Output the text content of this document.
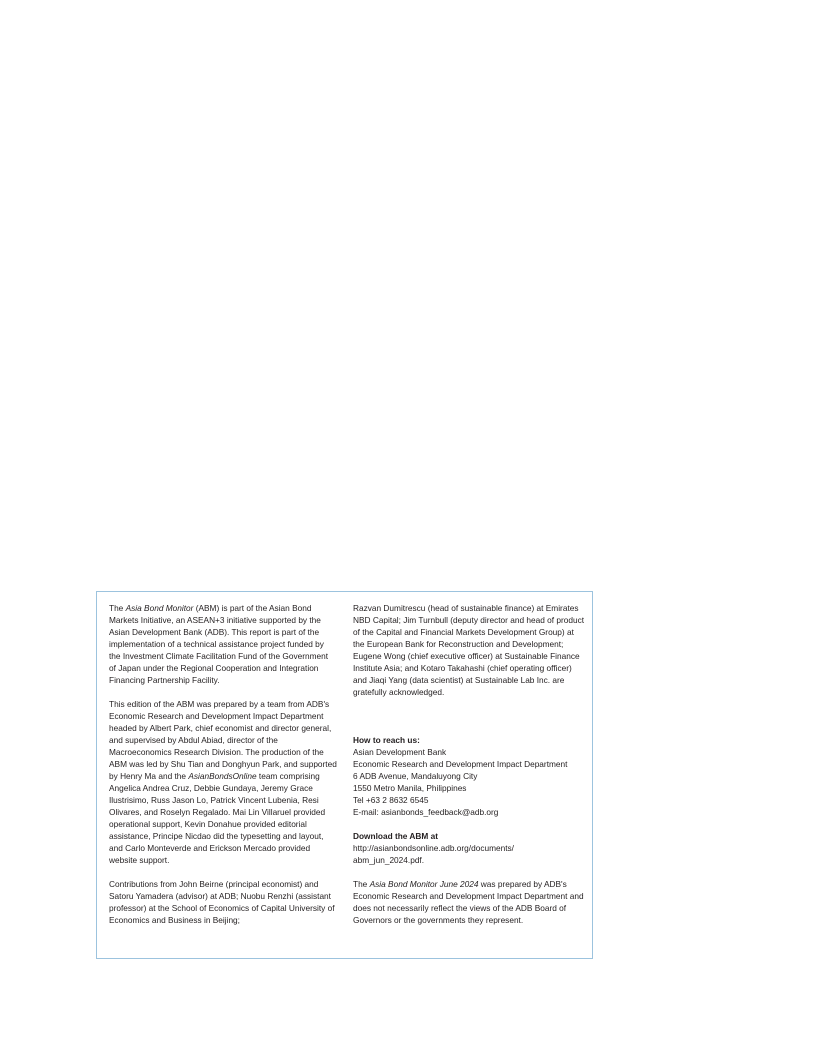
The Asia Bond Monitor (ABM) is part of the Asian Bond Markets Initiative, an ASEAN+3 initiative supported by the Asian Development Bank (ADB). This report is part of the implementation of a technical assistance project funded by the Investment Climate Facilitation Fund of the Government of Japan under the Regional Cooperation and Integration Financing Partnership Facility.

This edition of the ABM was prepared by a team from ADB's Economic Research and Development Impact Department headed by Albert Park, chief economist and director general, and supervised by Abdul Abiad, director of the Macroeconomics Research Division. The production of the ABM was led by Shu Tian and Donghyun Park, and supported by Henry Ma and the AsianBondsOnline team comprising Angelica Andrea Cruz, Debbie Gundaya, Jeremy Grace Ilustrisimo, Russ Jason Lo, Patrick Vincent Lubenia, Resi Olivares, and Roselyn Regalado. Mai Lin Villaruel provided operational support, Kevin Donahue provided editorial assistance, Principe Nicdao did the typesetting and layout, and Carlo Monteverde and Erickson Mercado provided website support.

Contributions from John Beirne (principal economist) and Satoru Yamadera (advisor) at ADB; Nuobu Renzhi (assistant professor) at the School of Economics of Capital University of Economics and Business in Beijing;

Razvan Dumitrescu (head of sustainable finance) at Emirates NBD Capital; Jim Turnbull (deputy director and head of product of the Capital and Financial Markets Development Group) at the European Bank for Reconstruction and Development; Eugene Wong (chief executive officer) at Sustainable Finance Institute Asia; and Kotaro Takahashi (chief operating officer) and Jiaqi Yang (data scientist) at Sustainable Lab Inc. are gratefully acknowledged.

How to reach us:
Asian Development Bank
Economic Research and Development Impact Department
6 ADB Avenue, Mandaluyong City
1550 Metro Manila, Philippines
Tel +63 2 8632 6545
E-mail: asianbonds_feedback@adb.org
Download the ABM at
http://asianbondsonline.adb.org/documents/
abm_jun_2024.pdf.

The Asia Bond Monitor June 2024 was prepared by ADB's Economic Research and Development Impact Department and does not necessarily reflect the views of the ADB Board of Governors or the governments they represent.
